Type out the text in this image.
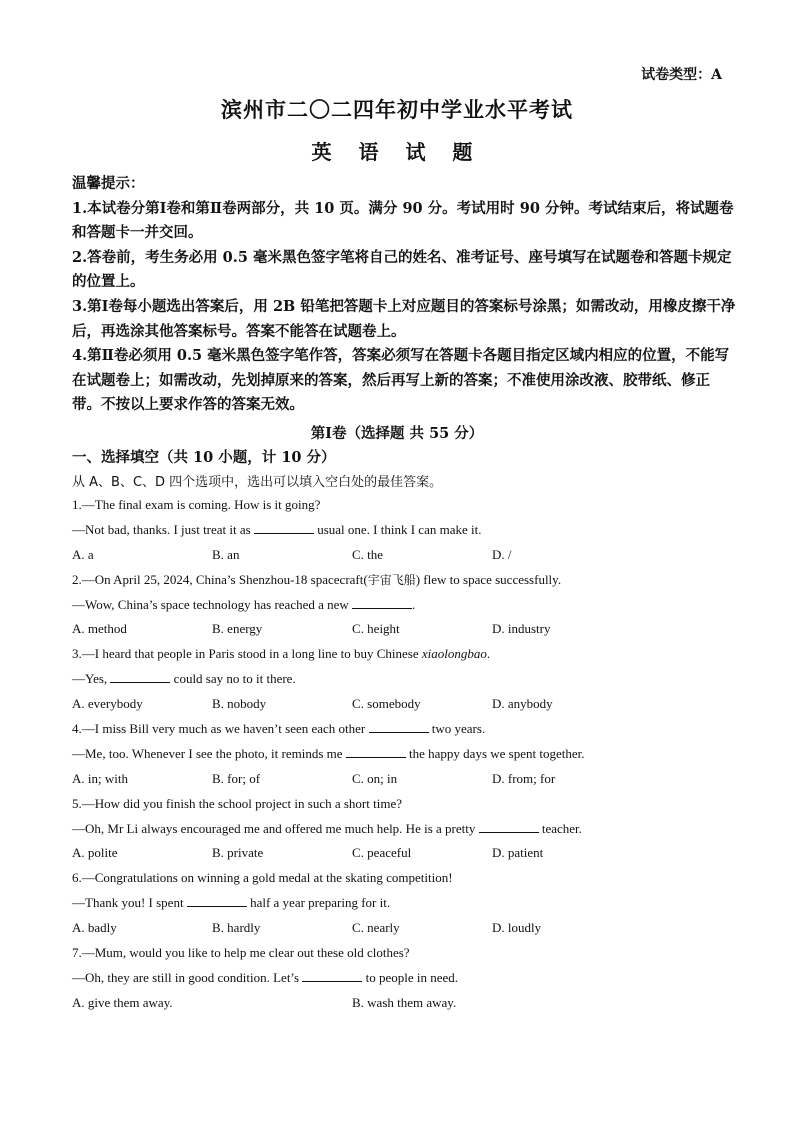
试卷类型：A
滨州市二〇二四年初中学业水平考试
英 语 试 题

温馨提示：

1.本试卷分第Ⅰ卷和第Ⅱ卷两部分，共 10 页。满分 90 分。考试用时 90 分钟。考试结束后，将试题卷和答题卡一并交回。

2.答卷前，考生务必用 0.5 毫米黑色签字笔将自己的姓名、准考证号、座号填写在试题卷和答题卡规定的位置上。

3.第Ⅰ卷每小题选出答案后，用 2B 铅笔把答题卡上对应题目的答案标号涂黑；如需改动，用橡皮擦干净后，再选涂其他答案标号。答案不能答在试题卷上。

4.第Ⅱ卷必须用 0.5 毫米黑色签字笔作答，答案必须写在答题卡各题目指定区域内相应的位置，不能写在试题卷上；如需改动，先划掉原来的答案，然后再写上新的答案；不准使用涂改液、胶带纸、修正带。不按以上要求作答的答案无效。

第Ⅰ卷（选择题 共 55 分）
一、选择填空（共 10 小题，计 10 分）
从 A、B、C、D 四个选项中，选出可以填入空白处的最佳答案。
1.—The final exam is coming. How is it going?
—Not bad, thanks. I just treat it as	usual one. I think I can make it.
A. a	B. an	C. the	D. /
2.—On April 25, 2024, China’s Shenzhou-18 spacecraft(宇宙飞船) flew to space successfully.
—Wow, China’s space technology has reached a new	.
A. method	B. energy	C. height	D. industry
3.—I heard that people in Paris stood in a long line to buy Chinese xiaolongbao.
—Yes,	could say no to it there.
A. everybody	B. nobody	C. somebody	D. anybody
4.—I miss Bill very much as we haven’t seen each other	two years.
—Me, too. Whenever I see the photo, it reminds me	the happy days we spent together.
A. in; with	B. for; of	C. on; in	D. from; for
5.—How did you finish the school project in such a short time?
—Oh, Mr Li always encouraged me and offered me much help. He is a pretty	teacher.
A. polite	B. private	C. peaceful	D. patient
6.—Congratulations on winning a gold medal at the skating competition!
—Thank you! I spent	half a year preparing for it.
A. badly	B. hardly	C. nearly	D. loudly
7.—Mum, would you like to help me clear out these old clothes?
—Oh, they are still in good condition. Let’s	to people in need.
A. give them away.	B. wash them away.
